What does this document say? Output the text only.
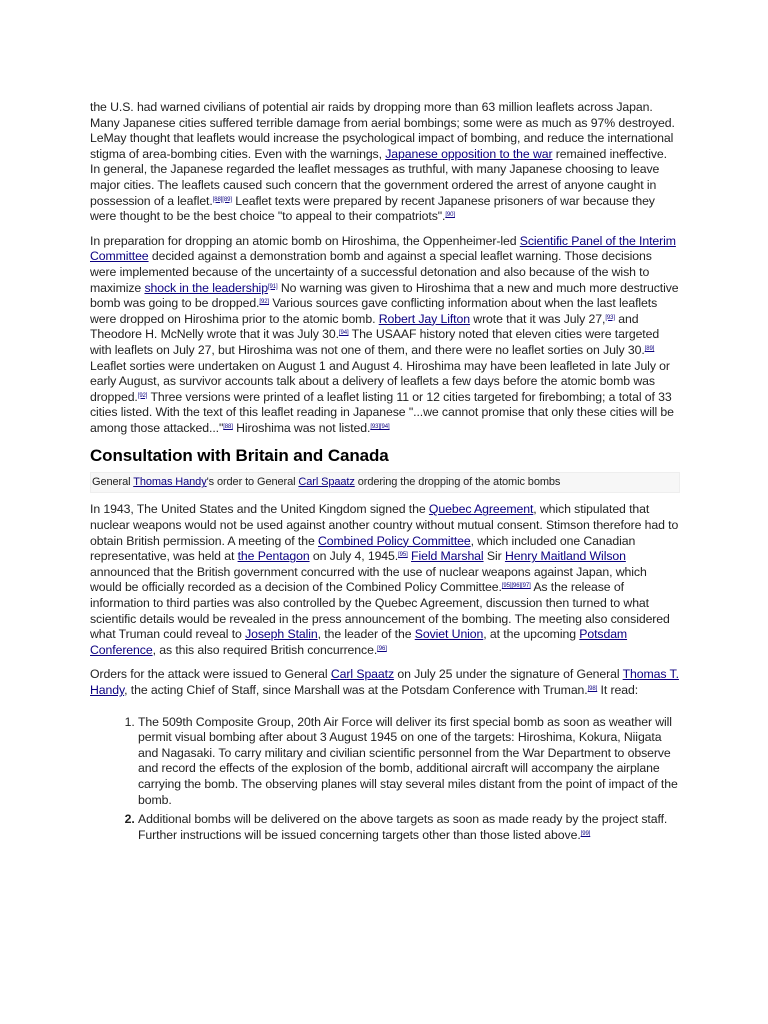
the U.S. had warned civilians of potential air raids by dropping more than 63 million leaflets across Japan. Many Japanese cities suffered terrible damage from aerial bombings; some were as much as 97% destroyed. LeMay thought that leaflets would increase the psychological impact of bombing, and reduce the international stigma of area-bombing cities. Even with the warnings, Japanese opposition to the war remained ineffective. In general, the Japanese regarded the leaflet messages as truthful, with many Japanese choosing to leave major cities. The leaflets caused such concern that the government ordered the arrest of anyone caught in possession of a leaflet.[88][89] Leaflet texts were prepared by recent Japanese prisoners of war because they were thought to be the best choice "to appeal to their compatriots".[90]

In preparation for dropping an atomic bomb on Hiroshima, the Oppenheimer-led Scientific Panel of the Interim Committee decided against a demonstration bomb and against a special leaflet warning. Those decisions were implemented because of the uncertainty of a successful detonation and also because of the wish to maximize shock in the leadership[91] No warning was given to Hiroshima that a new and much more destructive bomb was going to be dropped.[92] Various sources gave conflicting information about when the last leaflets were dropped on Hiroshima prior to the atomic bomb. Robert Jay Lifton wrote that it was July 27,[93] and Theodore H. McNelly wrote that it was July 30.[94] The USAAF history noted that eleven cities were targeted with leaflets on July 27, but Hiroshima was not one of them, and there were no leaflet sorties on July 30.[89] Leaflet sorties were undertaken on August 1 and August 4. Hiroshima may have been leafleted in late July or early August, as survivor accounts talk about a delivery of leaflets a few days before the atomic bomb was dropped.[92] Three versions were printed of a leaflet listing 11 or 12 cities targeted for firebombing; a total of 33 cities listed. With the text of this leaflet reading in Japanese "...we cannot promise that only these cities will be among those attacked..."[88] Hiroshima was not listed.[93][94]

Consultation with Britain and Canada
General Thomas Handy's order to General Carl Spaatz ordering the dropping of the atomic bombs

In 1943, The United States and the United Kingdom signed the Quebec Agreement, which stipulated that nuclear weapons would not be used against another country without mutual consent. Stimson therefore had to obtain British permission. A meeting of the Combined Policy Committee, which included one Canadian representative, was held at the Pentagon on July 4, 1945.[95] Field Marshal Sir Henry Maitland Wilson announced that the British government concurred with the use of nuclear weapons against Japan, which would be officially recorded as a decision of the Combined Policy Committee.[95][96][97] As the release of information to third parties was also controlled by the Quebec Agreement, discussion then turned to what scientific details would be revealed in the press announcement of the bombing. The meeting also considered what Truman could reveal to Joseph Stalin, the leader of the Soviet Union, at the upcoming Potsdam Conference, as this also required British concurrence.[96]

Orders for the attack were issued to General Carl Spaatz on July 25 under the signature of General Thomas T. Handy, the acting Chief of Staff, since Marshall was at the Potsdam Conference with Truman.[98] It read:

1. The 509th Composite Group, 20th Air Force will deliver its first special bomb as soon as weather will permit visual bombing after about 3 August 1945 on one of the targets: Hiroshima, Kokura, Niigata and Nagasaki. To carry military and civilian scientific personnel from the War Department to observe and record the effects of the explosion of the bomb, additional aircraft will accompany the airplane carrying the bomb. The observing planes will stay several miles distant from the point of impact of the bomb.
2. Additional bombs will be delivered on the above targets as soon as made ready by the project staff. Further instructions will be issued concerning targets other than those listed above.[99]
